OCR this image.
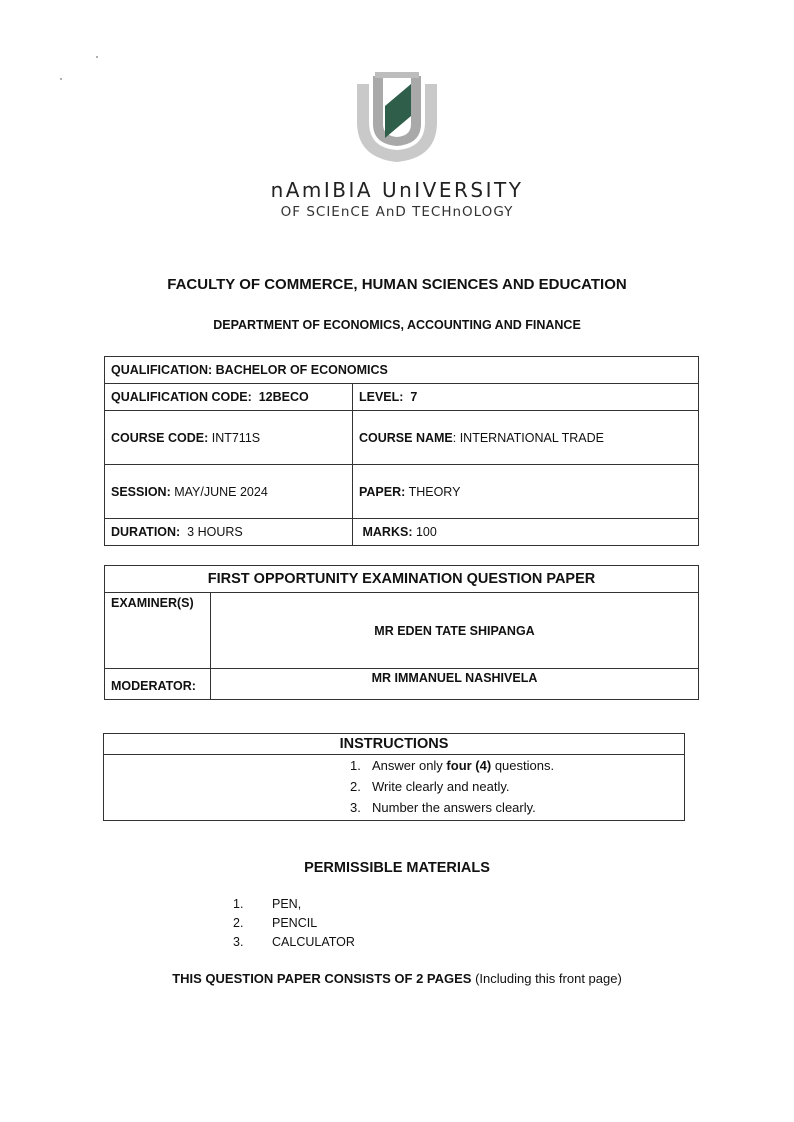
nAmIBIA UnIVERSITY
OF SCIEnCE AnD TECHnOLOGY
FACULTY OF COMMERCE, HUMAN SCIENCES AND EDUCATION
DEPARTMENT OF ECONOMICS, ACCOUNTING AND FINANCE
QUALIFICATION: BACHELOR OF ECONOMICS	
QUALIFICATION CODE: 12BECO	LEVEL: 7
COURSE CODE: INT711S	COURSE NAME: INTERNATIONAL TRADE
SESSION: MAY/JUNE 2024	PAPER: THEORY
DURATION: 3 HOURS	MARKS: 100
FIRST OPPORTUNITY EXAMINATION QUESTION PAPER	
EXAMINER(S)	MR EDEN TATE SHIPANGA
MODERATOR:	MR IMMANUEL NASHIVELA
INSTRUCTIONS
1. Answer only four (4) questions.
2. Write clearly and neatly.
3. Number the answers clearly.
PERMISSIBLE MATERIALS
1. PEN,
2. PENCIL
3. CALCULATOR
THIS QUESTION PAPER CONSISTS OF 2 PAGES (Including this front page)
